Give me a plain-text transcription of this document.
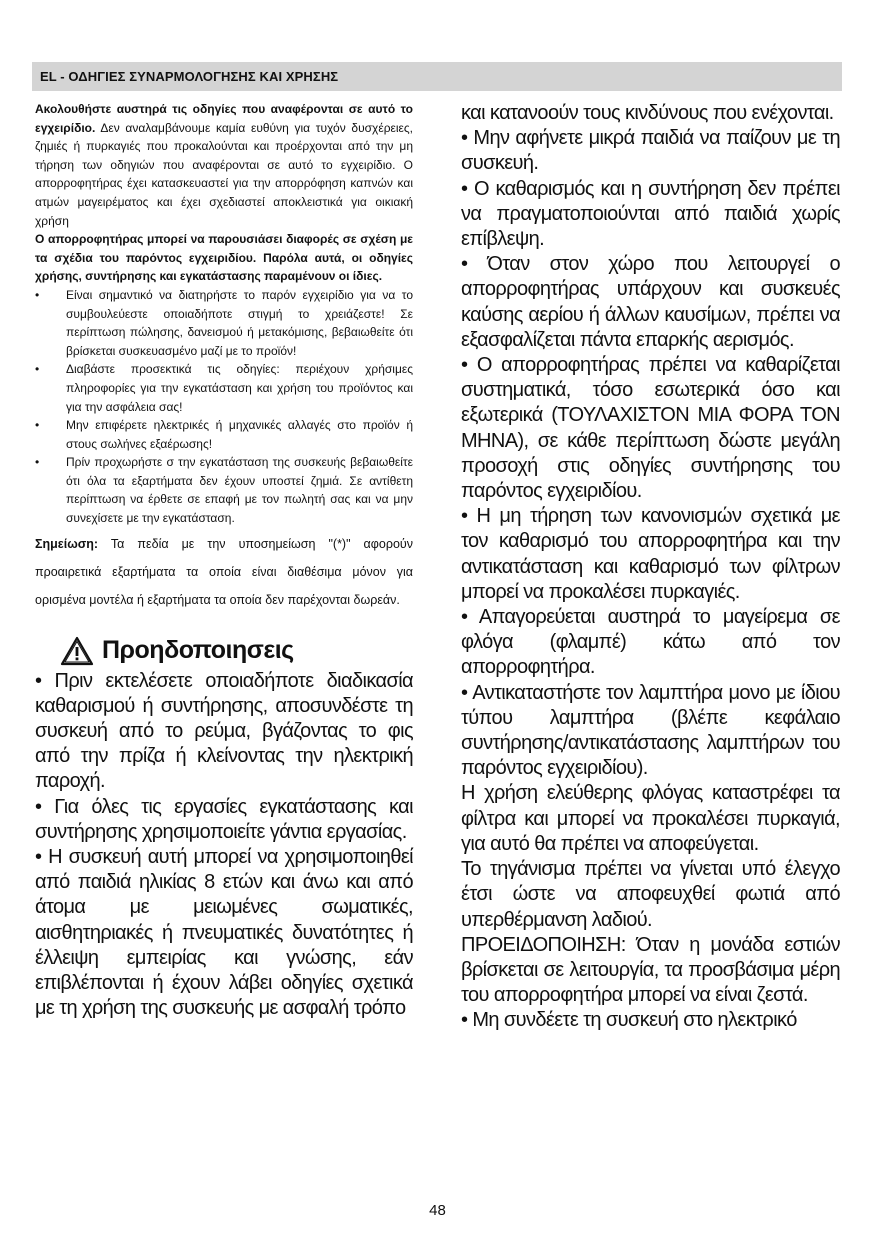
EL - ΟΔΗΓΙΕΣ ΣΥΝΑΡΜΟΛΟΓΗΣΗΣ ΚΑΙ ΧΡΗΣΗΣ

Ακολουθήστε αυστηρά τις οδηγίες που αναφέρονται σε αυτό το εγχειρίδιο. Δεν αναλαμβάνουμε καμία ευθύνη για τυχόν δυσχέρειες, ζημιές ή πυρκαγιές που προκαλούνται και προέρχονται από την μη τήρηση των οδηγιών που αναφέρονται σε αυτό το εγχειρίδιο. Ο απορροφητήρας έχει κατασκευαστεί για την απορρόφηση καπνών και ατμών μαγειρέματος και έχει σχεδιαστεί αποκλειστικά για οικιακή χρήση

Ο απορροφητήρας μπορεί να παρουσιάσει διαφορές σε σχέση με τα σχέδια του παρόντος εγχειριδίου. Παρόλα αυτά, οι οδηγίες χρήσης, συντήρησης και εγκατάστασης παραμένουν οι ίδιες.

• Είναι σημαντικό να διατηρήστε το παρόν εγχειρίδιο για να το συμβουλεύεστε οποιαδήποτε στιγμή το χρειάζεστε! Σε περίπτωση πώλησης, δανεισμού ή μετακόμισης, βεβαιωθείτε ότι βρίσκεται συσκευασμένο μαζί με το προϊόν!
• Διαβάστε προσεκτικά τις οδηγίες: περιέχουν χρήσιμες πληροφορίες για την εγκατάσταση και χρήση του προϊόντος και για την ασφάλεια σας!
• Μην επιφέρετε ηλεκτρικές ή μηχανικές αλλαγές στο προϊόν ή στους σωλήνες εξαέρωσης!
• Πρίν προχωρήστε σ την εγκατάσταση της συσκευής βεβαιωθείτε ότι όλα τα εξαρτήματα δεν έχουν υποστεί ζημιά. Σε αντίθετη περίπτωση να έρθετε σε επαφή με τον πωλητή σας και να μην συνεχίσετε με την εγκατάσταση.
Σημείωση: Τα πεδία με την υποσημείωση "(*)" αφορούν προαιρετικά εξαρτήματα τα οποία είναι διαθέσιμα μόνον για ορισμένα μοντέλα ή εξαρτήματα τα οποία δεν παρέχονται δωρεάν.
Προηδοποιησεις

• Πριν εκτελέσετε οποιαδήποτε διαδικασία καθαρισμού ή συντήρησης, αποσυνδέστε τη συσκευή από το ρεύμα, βγάζοντας το φις από την πρίζα ή κλείνοντας την ηλεκτρική παροχή.

• Για όλες τις εργασίες εγκατάστασης και συντήρησης χρησιμοποιείτε γάντια εργασίας.

• Η συσκευή αυτή μπορεί να χρησιμοποιηθεί από παιδιά ηλικίας 8 ετών και άνω και από άτομα με μειωμένες σωματικές, αισθητηριακές ή πνευματικές δυνατότητες ή έλλειψη εμπειρίας και γνώσης, εάν επιβλέπονται ή έχουν λάβει οδηγίες σχετικά με τη χρήση της συσκευής με ασφαλή τρόπο

και κατανοούν τους κινδύνους που ενέχονται.

• Μην αφήνετε μικρά παιδιά να παίζουν με τη συσκευή.

• Ο καθαρισμός και η συντήρηση δεν πρέπει να πραγματοποιούνται από παιδιά χωρίς επίβλεψη.

• Όταν στον χώρο που λειτουργεί ο απορροφητήρας υπάρχουν και συσκευές καύσης αερίου ή άλλων καυσίμων, πρέπει να εξασφαλίζεται πάντα επαρκής αερισμός.

• Ο απορροφητήρας πρέπει να καθαρίζεται συστηματικά, τόσο εσωτερικά όσο και εξωτερικά (ΤΟΥΛΑΧΙΣΤΟΝ ΜΙΑ ΦΟΡΑ ΤΟΝ ΜΗΝΑ), σε κάθε περίπτωση δώστε μεγάλη προσοχή στις οδηγίες συντήρησης του παρόντος εγχειριδίου.

• Η μη τήρηση των κανονισμών σχετικά με τον καθαρισμό του απορροφητήρα και την αντικατάσταση και καθαρισμό των φίλτρων μπορεί να προκαλέσει πυρκαγιές.

• Απαγορεύεται αυστηρά το μαγείρεμα σε φλόγα (φλαμπέ) κάτω από τον απορροφητήρα.

• Αντικαταστήστε τον λαμπτήρα μονο με ίδιου τύπου λαμπτήρα (βλέπε κεφάλαιο συντήρησης/αντικατάστασης λαμπτήρων του παρόντος εγχειριδίου).

Η χρήση ελεύθερης φλόγας καταστρέφει τα φίλτρα και μπορεί να προκαλέσει πυρκαγιά, για αυτό θα πρέπει να αποφεύγεται.

Το τηγάνισμα πρέπει να γίνεται υπό έλεγχο έτσι ώστε να αποφευχθεί φωτιά από υπερθέρμανση λαδιού.

ΠΡΟΕΙΔΟΠΟΙΗΣΗ: Όταν η μονάδα εστιών βρίσκεται σε λειτουργία, τα προσβάσιμα μέρη του απορροφητήρα μπορεί να είναι ζεστά.

• Μη συνδέετε τη συσκευή στο ηλεκτρικό

48
